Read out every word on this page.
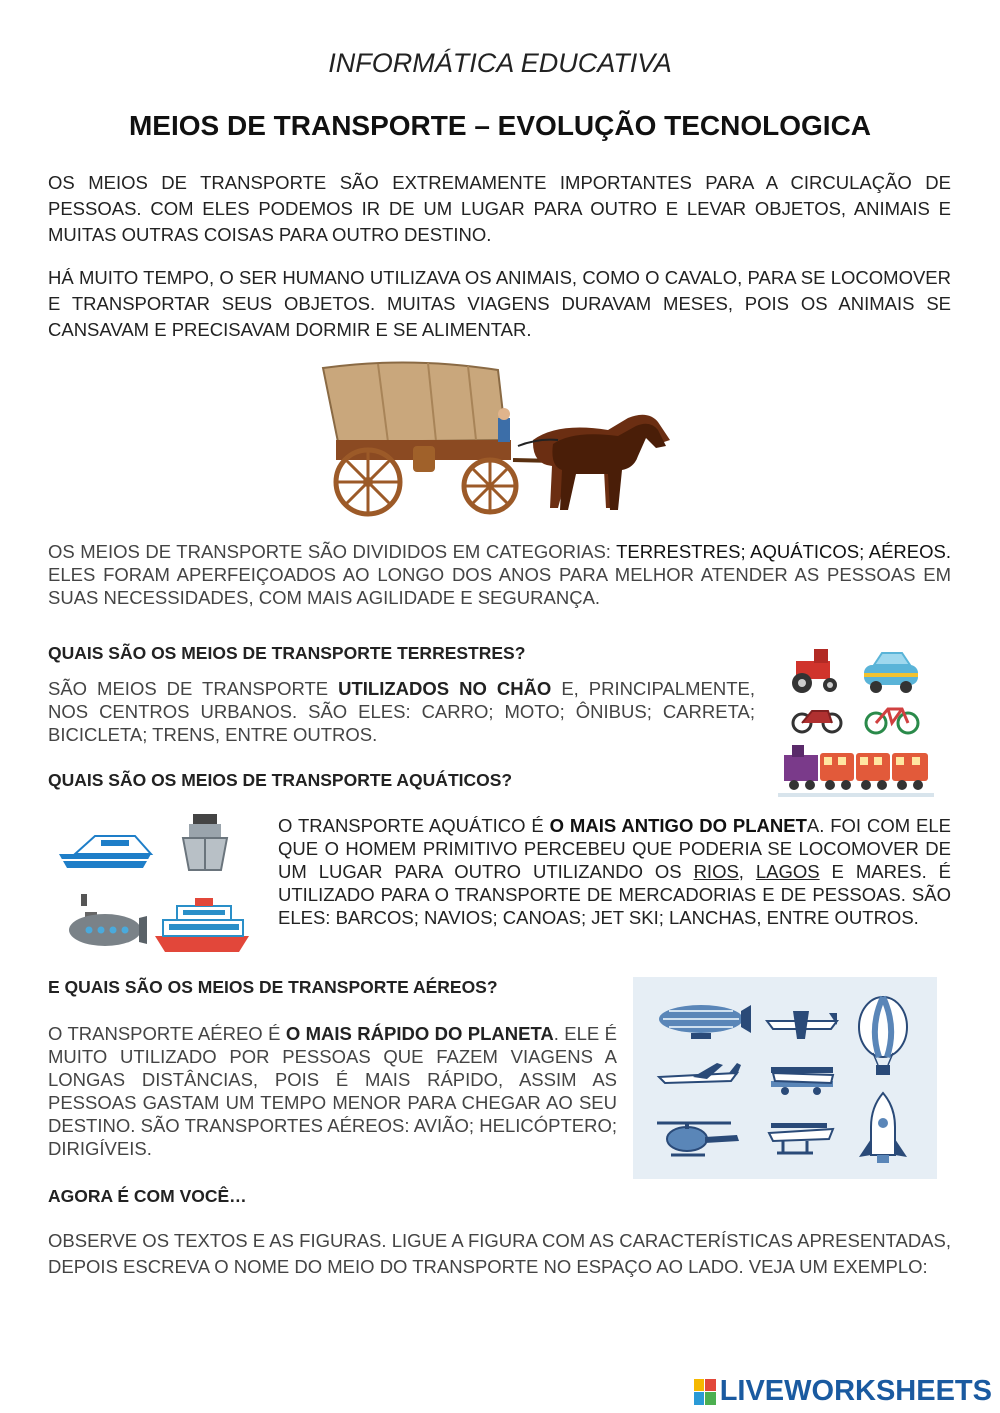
INFORMÁTICA EDUCATIVA
MEIOS DE TRANSPORTE – EVOLUÇÃO TECNOLOGICA
OS MEIOS DE TRANSPORTE SÃO EXTREMAMENTE IMPORTANTES PARA A CIRCULAÇÃO DE PESSOAS. COM ELES PODEMOS IR DE UM LUGAR PARA OUTRO E LEVAR OBJETOS, ANIMAIS E MUITAS OUTRAS COISAS PARA OUTRO DESTINO.
HÁ MUITO TEMPO, O SER HUMANO UTILIZAVA OS ANIMAIS, COMO O CAVALO, PARA SE LOCOMOVER E TRANSPORTAR SEUS OBJETOS. MUITAS VIAGENS DURAVAM MESES, POIS OS ANIMAIS SE CANSAVAM E PRECISAVAM DORMIR E SE ALIMENTAR.
OS MEIOS DE TRANSPORTE SÃO DIVIDIDOS EM CATEGORIAS: TERRESTRES; AQUÁTICOS; AÉREOS. ELES FORAM APERFEIÇOADOS AO LONGO DOS ANOS PARA MELHOR ATENDER AS PESSOAS EM SUAS NECESSIDADES, COM MAIS AGILIDADE E SEGURANÇA.
QUAIS SÃO OS MEIOS DE TRANSPORTE TERRESTRES?
SÃO MEIOS DE TRANSPORTE UTILIZADOS NO CHÃO E, PRINCIPALMENTE, NOS CENTROS URBANOS. SÃO ELES: CARRO; MOTO; ÔNIBUS; CARRETA; BICICLETA; TRENS, ENTRE OUTROS.
QUAIS SÃO OS MEIOS DE TRANSPORTE AQUÁTICOS?
O TRANSPORTE AQUÁTICO É O MAIS ANTIGO DO PLANETA. FOI COM ELE QUE O HOMEM PRIMITIVO PERCEBEU QUE PODERIA SE LOCOMOVER DE UM LUGAR PARA OUTRO UTILIZANDO OS RIOS, LAGOS E MARES. É UTILIZADO PARA O TRANSPORTE DE MERCADORIAS E DE PESSOAS. SÃO ELES: BARCOS; NAVIOS; CANOAS; JET SKI; LANCHAS, ENTRE OUTROS.
E QUAIS SÃO OS MEIOS DE TRANSPORTE AÉREOS?
O TRANSPORTE AÉREO É O MAIS RÁPIDO DO PLANETA. ELE É MUITO UTILIZADO POR PESSOAS QUE FAZEM VIAGENS A LONGAS DISTÂNCIAS, POIS É MAIS RÁPIDO, ASSIM AS PESSOAS GASTAM UM TEMPO MENOR PARA CHEGAR AO SEU DESTINO. SÃO TRANSPORTES AÉREOS: AVIÃO; HELICÓPTERO; DIRIGÍVEIS.
AGORA É COM VOCÊ…
OBSERVE OS TEXTOS E AS FIGURAS. LIGUE A FIGURA COM AS CARACTERÍSTICAS APRESENTADAS, DEPOIS ESCREVA O NOME DO MEIO DO TRANSPORTE NO ESPAÇO AO LADO. VEJA UM EXEMPLO:
LIVEWORKSHEETS
